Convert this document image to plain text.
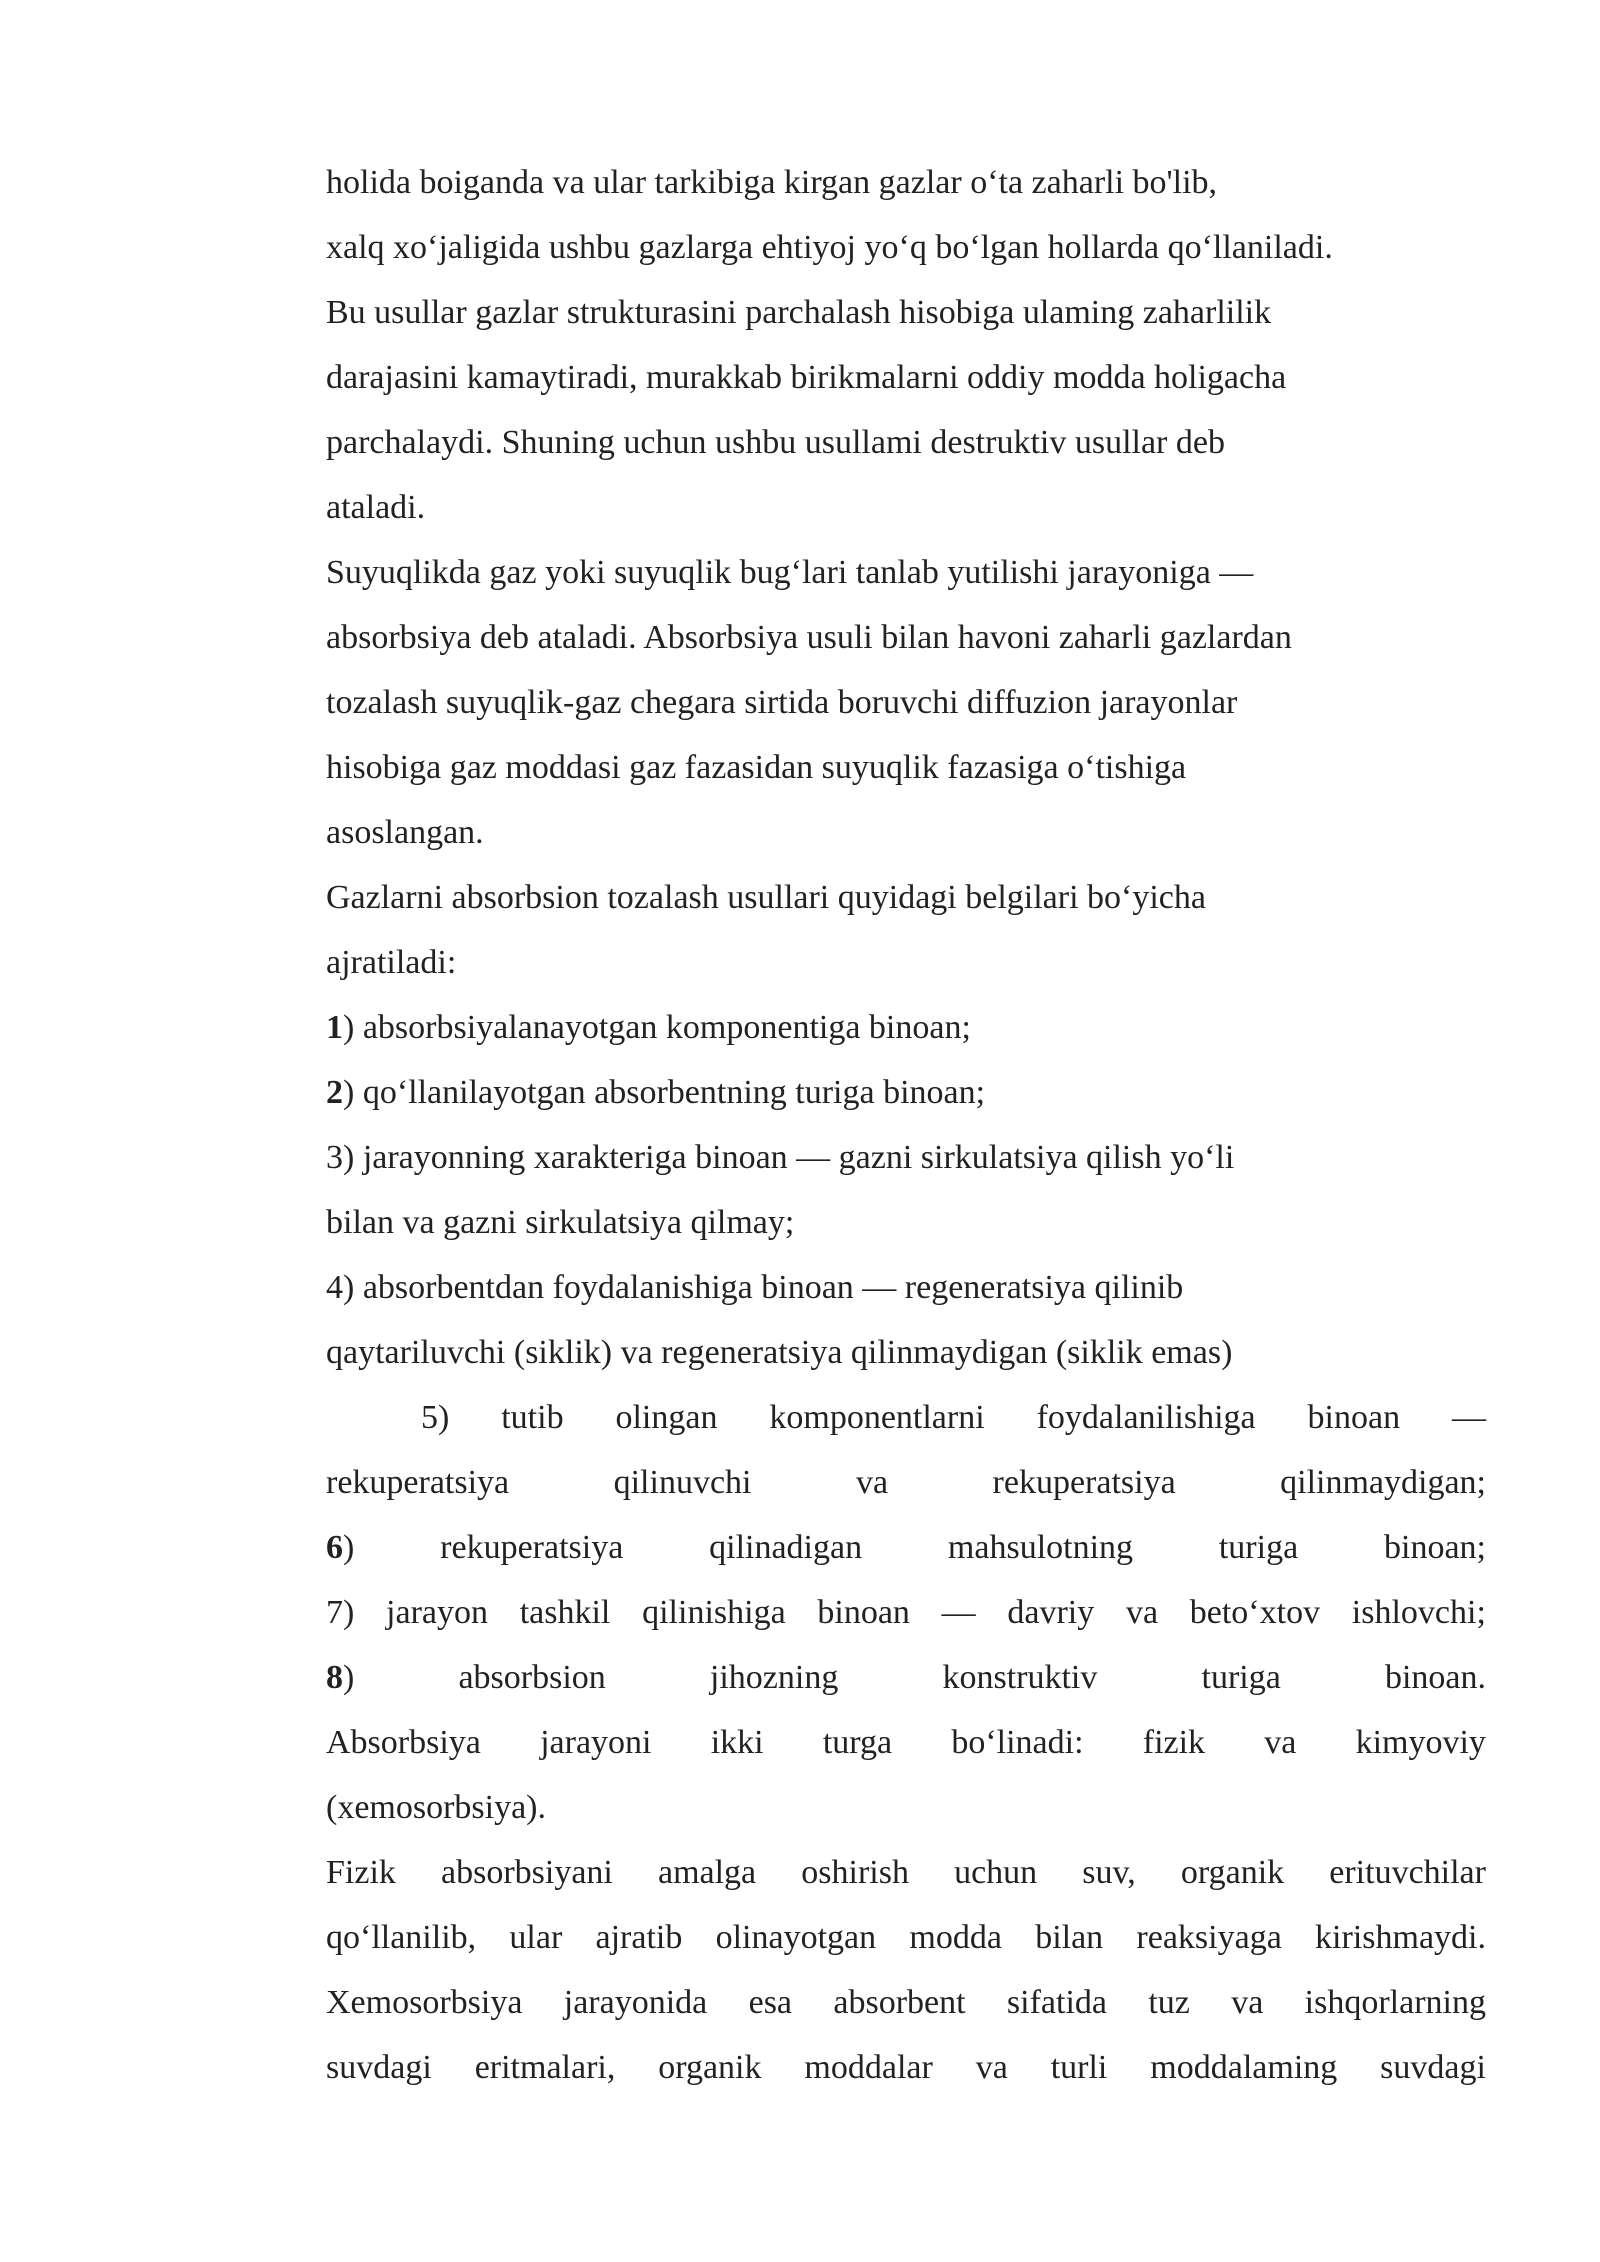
holida boiganda va ular tarkibiga kirgan gazlar o‘ta zaharli bo'lib,
xalq xo‘jaligida ushbu gazlarga ehtiyoj yo‘q bo‘lgan hollarda qo‘llaniladi.
Bu usullar gazlar strukturasini parchalash hisobiga ulaming zaharlilik
darajasini kamaytiradi, murakkab birikmalarni oddiy modda holigacha
parchalaydi. Shuning uchun ushbu usullami destruktiv usullar deb
ataladi.
Suyuqlikda gaz yoki suyuqlik bug‘lari tanlab yutilishi jarayoniga —
absorbsiya deb ataladi. Absorbsiya usuli bilan havoni zaharli gazlardan
tozalash suyuqlik-gaz chegara sirtida boruvchi diffuzion jarayonlar
hisobiga gaz moddasi gaz fazasidan suyuqlik fazasiga o‘tishiga
asoslangan.
Gazlarni absorbsion tozalash usullari quyidagi belgilari bo‘yicha
ajratiladi:
1) absorbsiyalanayotgan komponentiga binoan;
2) qo‘llanilayotgan absorbentning turiga binoan;
3) jarayonning xarakteriga binoan — gazni sirkulatsiya qilish yo‘li
bilan va gazni sirkulatsiya qilmay;
4) absorbentdan foydalanishiga binoan — regeneratsiya qilinib
qaytariluvchi (siklik) va regeneratsiya qilinmaydigan (siklik emas)
5) tutib olingan komponentlarni foydalanilishiga binoan —
rekuperatsiya	qilinuvchi	va	rekuperatsiya	qilinmaydigan;
6)	rekuperatsiya	qilinadigan	mahsulotning	turiga	binoan;
7) jarayon tashkil qilinishiga binoan — davriy va beto‘xtov ishlovchi;
8)	absorbsion	jihozning	konstruktiv	turiga	binoan.
Absorbsiya jarayoni ikki turga bo‘linadi: fizik va kimyoviy
(xemosorbsiya).
Fizik absorbsiyani amalga oshirish uchun suv, organik erituvchilar
qo‘llanilib, ular ajratib olinayotgan modda bilan reaksiyaga kirishmaydi.
Xemosorbsiya jarayonida esa absorbent sifatida tuz va ishqorlarning
suvdagi eritmalari, organik moddalar va turli moddalaming suvdagi
